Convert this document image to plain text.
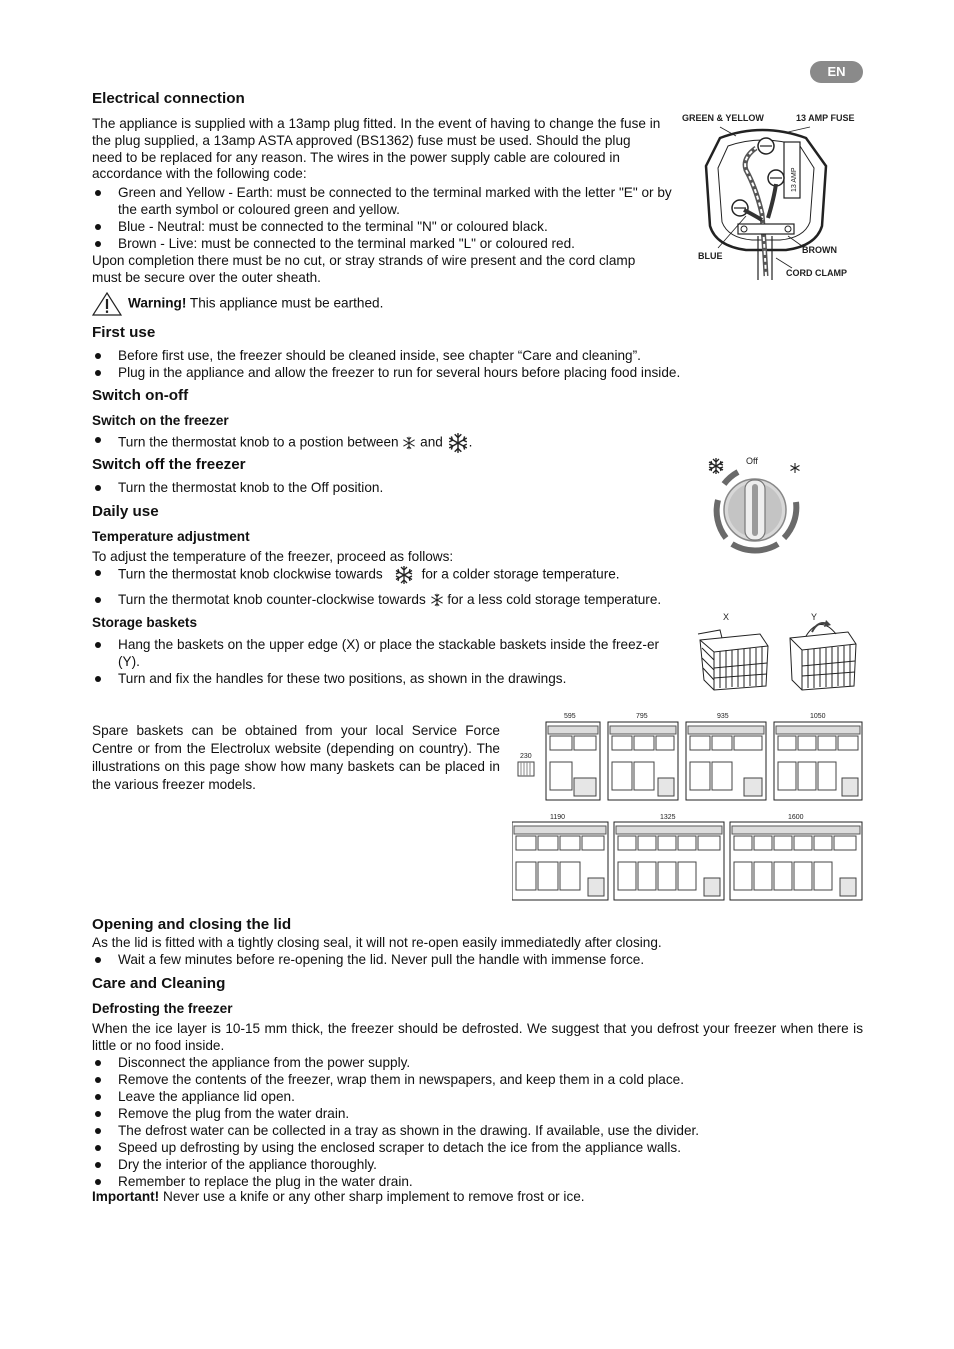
EN
Electrical connection
The appliance is supplied with a 13amp plug fitted. In the event of having to change the fuse in the plug supplied, a 13amp ASTA approved (BS1362) fuse must be used. Should the plug need to be replaced for any reason. The wires in the power supply cable are coloured in accordance with the following code:
Green and Yellow - Earth: must be connected to the terminal marked with the letter "E" or by the earth symbol or coloured green and yellow.
Blue - Neutral: must be connected to the terminal "N" or coloured black.
Brown - Live: must be connected to the terminal marked "L" or coloured red.
Upon completion there must be no cut, or stray strands of wire present and the cord clamp must be secure over the outer sheath.
Warning! This appliance must be earthed.
GREEN & YELLOW	13 AMP FUSE
13 AMP
BLUE
BROWN
CORD CLAMP
First use
Before first use, the freezer should be cleaned inside, see chapter “Care and cleaning”.
Plug in the appliance and allow the freezer to run for several hours before placing food inside.
Switch on-off
Switch on the freezer
Turn the thermostat knob to a postion between and .
Switch off the freezer
Turn the thermostat knob to the Off position.
Off
Daily use
Temperature adjustment
To adjust the temperature of the freezer, proceed as follows:
Turn the thermostat knob clockwise towards	for a colder storage temperature.
Turn the thermotat knob counter-clockwise towards for a less cold storage temperature.
Storage baskets
Hang the baskets on the upper edge (X) or place the stackable baskets inside the freez-er (Y).
Turn and fix the handles for these two positions, as shown in the drawings.
X	Y
Spare baskets can be obtained from your local Service Force Centre or from the Electrolux website (depending on country). The illustrations on this page show how many baskets can be placed in the various freezer models.
595
230
795	935	1050
1190	1325	1600
Opening and closing the lid
As the lid is fitted with a tightly closing seal, it will not re-open easily immediatedly after closing.
Wait a few minutes before re-opening the lid. Never pull the handle with immense force.
Care and Cleaning
Defrosting the freezer
When the ice layer is 10-15 mm thick, the freezer should be defrosted. We suggest that you defrost your freezer when there is little or no food inside.
Disconnect the appliance from the power supply.
Remove the contents of the freezer, wrap them in newspapers, and keep them in a cold place.
Leave the appliance lid open.
Remove the plug from the water drain.
The defrost water can be collected in a tray as shown in the drawing. If available, use the divider.
Speed up defrosting by using the enclosed scraper to detach the ice from the appliance walls.
Dry the interior of the appliance thoroughly.
Remember to replace the plug in the water drain.
Important! Never use a knife or any other sharp implement to remove frost or ice.
